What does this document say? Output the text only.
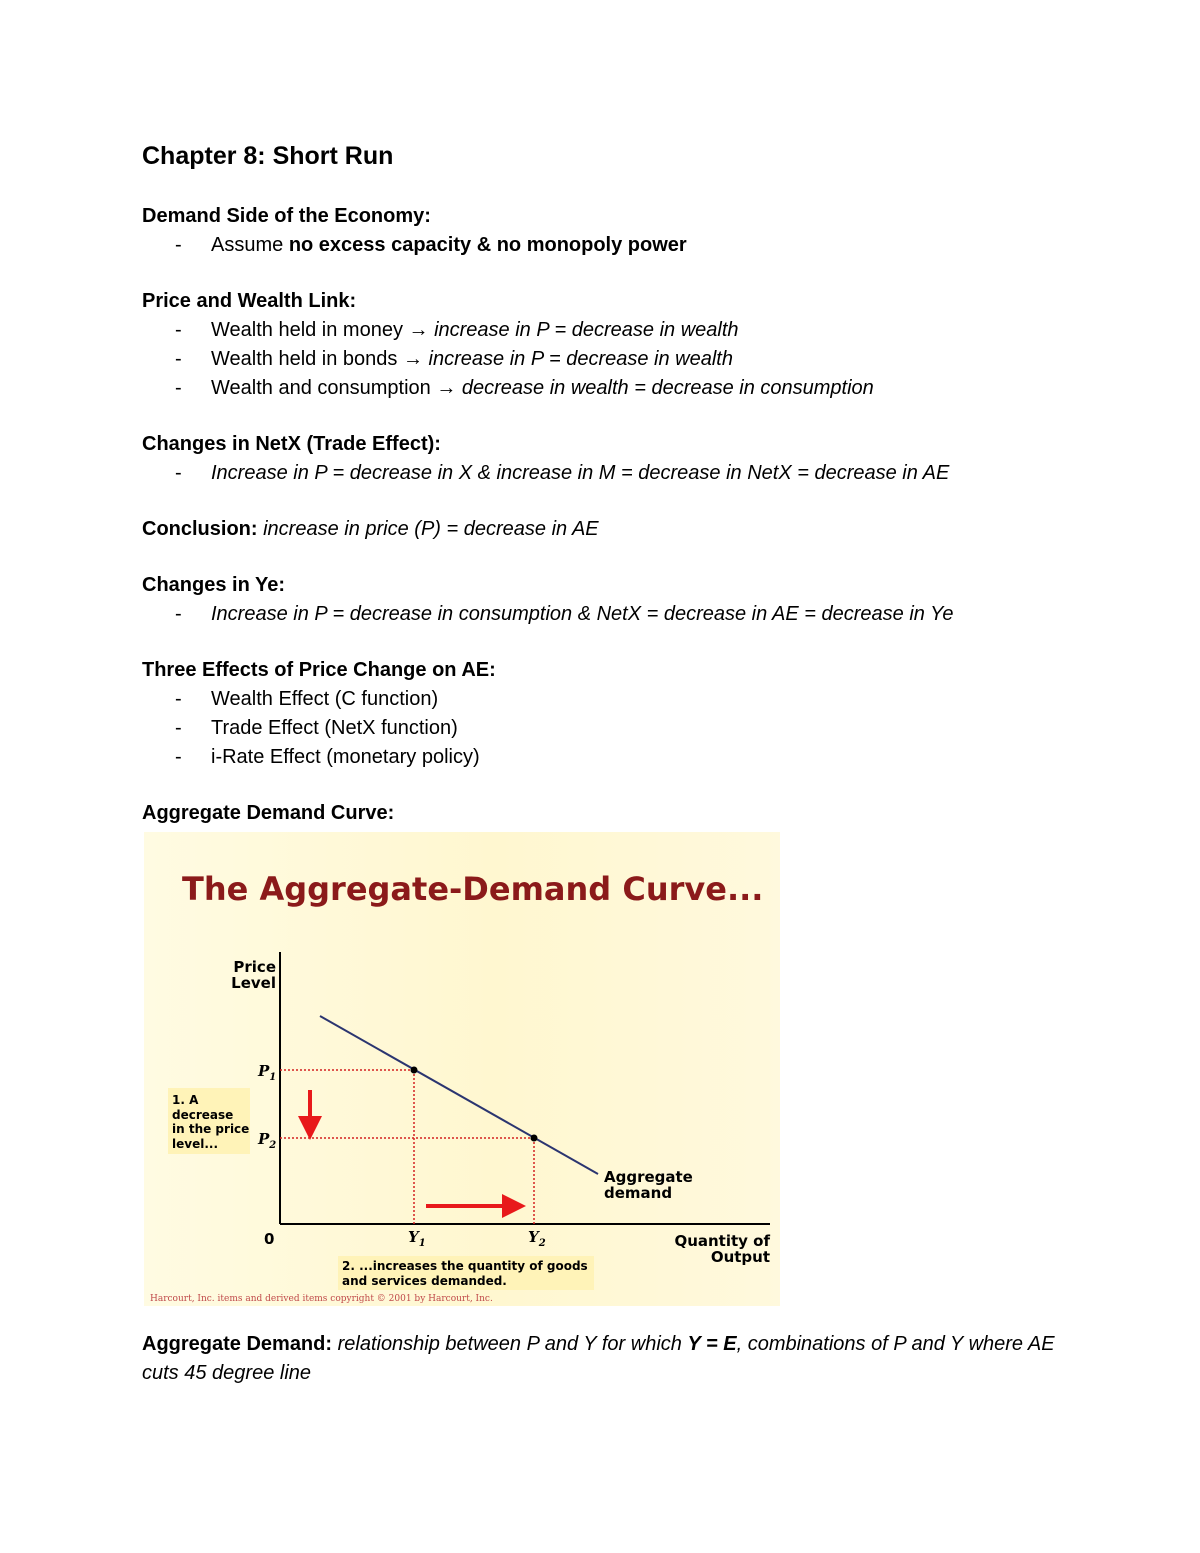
Chapter 8: Short Run
Demand Side of the Economy:
- Assume no excess capacity & no monopoly power
Price and Wealth Link:
- Wealth held in money → increase in P = decrease in wealth
- Wealth held in bonds → increase in P = decrease in wealth
- Wealth and consumption → decrease in wealth = decrease in consumption
Changes in NetX (Trade Effect):
- Increase in P = decrease in X & increase in M = decrease in NetX = decrease in AE
Conclusion: increase in price (P) = decrease in AE
Changes in Ye:
- Increase in P = decrease in consumption & NetX = decrease in AE = decrease in Ye
Three Effects of Price Change on AE:
- Wealth Effect (C function)
- Trade Effect (NetX function)
- i-Rate Effect (monetary policy)
Aggregate Demand Curve:
The Aggregate-Demand Curve...
Price
Level
Quantity of
Output
0
Aggregate
demand
$P_1$
$P_2$
$Y_1$	$Y_2$
1. A decrease in the price level...
2. ...increases the quantity of goods and services demanded.
Harcourt, Inc. items and derived items copyright © 2001 by Harcourt, Inc.
Aggregate Demand: relationship between P and Y for which Y = E, combinations of P and Y where AE cuts 45 degree line
